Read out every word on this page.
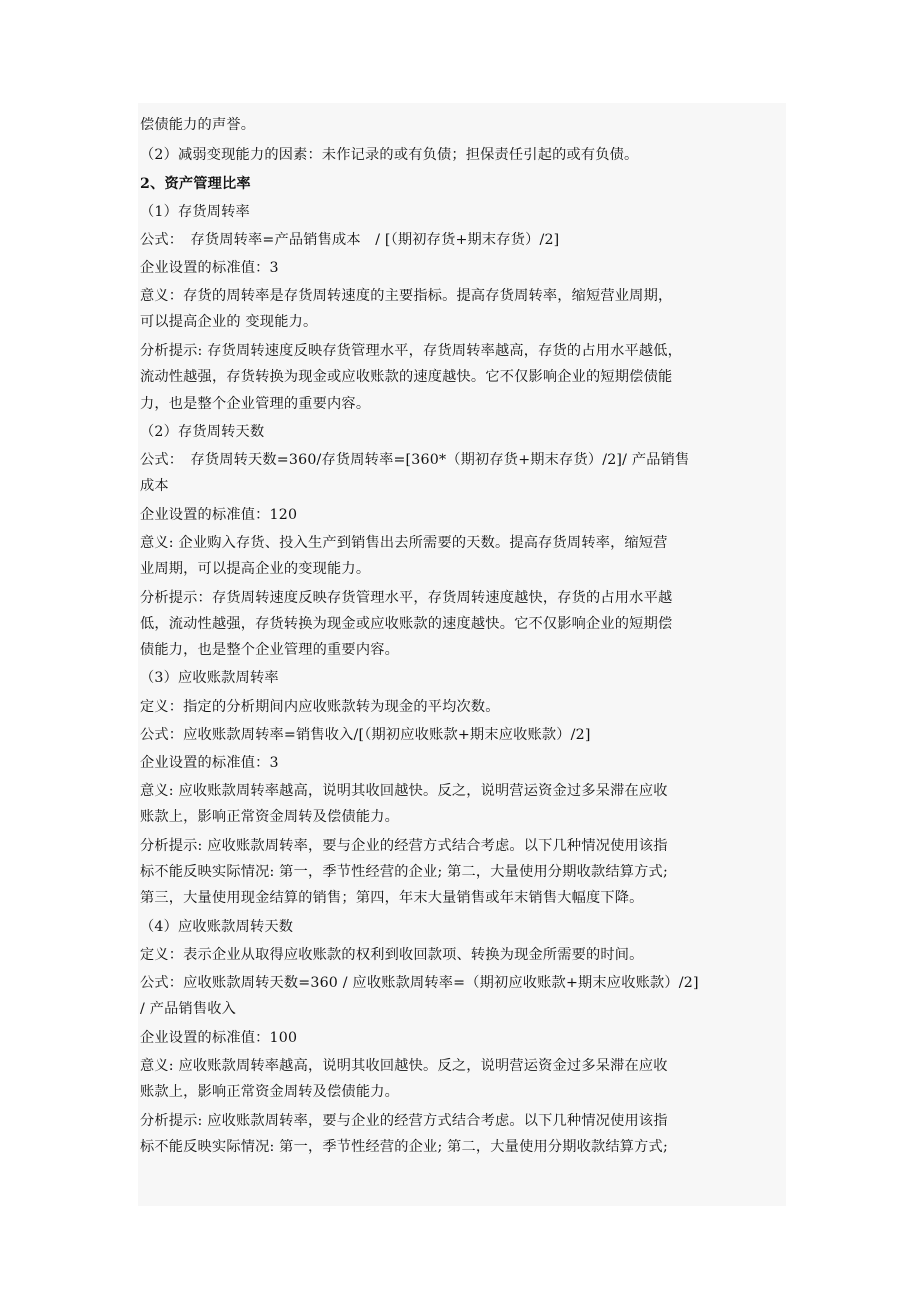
偿债能力的声誉。
（2）减弱变现能力的因素：未作记录的或有负债；担保责任引起的或有负债。
2、资产管理比率
（1）存货周转率
公式：　存货周转率=产品销售成本　/ [（期初存货+期末存货）/2]
企业设置的标准值：3
意义：存货的周转率是存货周转速度的主要指标。提高存货周转率，缩短营业周期，
可以提高企业的 变现能力。
分析提示: 存货周转速度反映存货管理水平，存货周转率越高，存货的占用水平越低，
流动性越强，存货转换为现金或应收账款的速度越快。它不仅影响企业的短期偿债能
力，也是整个企业管理的重要内容。
（2）存货周转天数
公式：　存货周转天数=360/存货周转率=[360*（期初存货+期末存货）/2]/ 产品销售
成本
企业设置的标准值：120
意义: 企业购入存货、投入生产到销售出去所需要的天数。提高存货周转率，缩短营
业周期，可以提高企业的变现能力。
分析提示：存货周转速度反映存货管理水平，存货周转速度越快，存货的占用水平越
低，流动性越强，存货转换为现金或应收账款的速度越快。它不仅影响企业的短期偿
债能力，也是整个企业管理的重要内容。
（3）应收账款周转率
定义：指定的分析期间内应收账款转为现金的平均次数。
公式：应收账款周转率=销售收入/[（期初应收账款+期末应收账款）/2]
企业设置的标准值：3
意义: 应收账款周转率越高，说明其收回越快。反之，说明营运资金过多呆滞在应收
账款上，影响正常资金周转及偿债能力。
分析提示: 应收账款周转率，要与企业的经营方式结合考虑。以下几种情况使用该指
标不能反映实际情况: 第一，季节性经营的企业; 第二，大量使用分期收款结算方式;
第三，大量使用现金结算的销售；第四，年末大量销售或年末销售大幅度下降。
（4）应收账款周转天数
定义：表示企业从取得应收账款的权利到收回款项、转换为现金所需要的时间。
公式：应收账款周转天数=360 / 应收账款周转率=（期初应收账款+期末应收账款）/2]
/ 产品销售收入
企业设置的标准值：100
意义: 应收账款周转率越高，说明其收回越快。反之，说明营运资金过多呆滞在应收
账款上，影响正常资金周转及偿债能力。
分析提示: 应收账款周转率，要与企业的经营方式结合考虑。以下几种情况使用该指
标不能反映实际情况: 第一，季节性经营的企业; 第二，大量使用分期收款结算方式;
